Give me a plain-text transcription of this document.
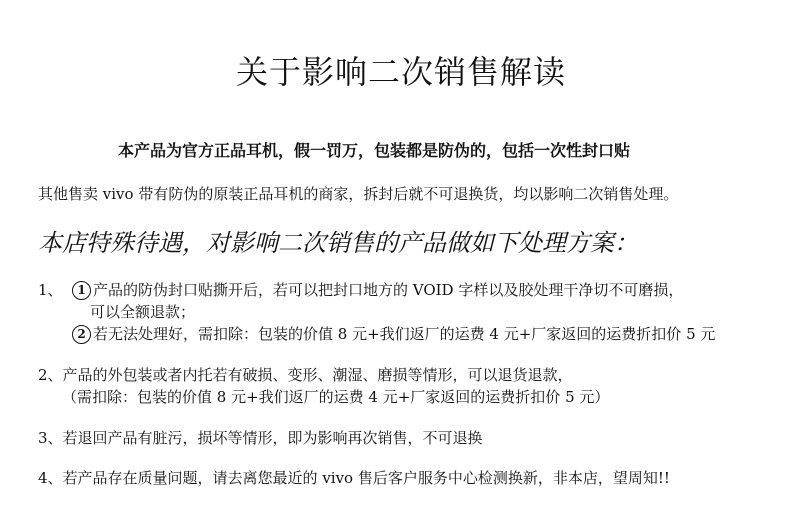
关于影响二次销售解读
本产品为官方正品耳机，假一罚万，包装都是防伪的，包括一次性封口贴
其他售卖 vivo 带有防伪的原装正品耳机的商家，拆封后就不可退换货，均以影响二次销售处理。
本店特殊待遇，对影响二次销售的产品做如下处理方案：
1、 1 产品的防伪封口贴撕开后，若可以把封口地方的 VOID 字样以及胶处理干净切不可磨损，
可以全额退款；
2 若无法处理好，需扣除：包装的价值 8 元+我们返厂的运费 4 元+厂家返回的运费折扣价 5 元
2、产品的外包装或者内托若有破损、变形、潮湿、磨损等情形，可以退货退款，
（需扣除：包装的价值 8 元+我们返厂的运费 4 元+厂家返回的运费折扣价 5 元）
3、若退回产品有脏污，损坏等情形，即为影响再次销售，不可退换
4、若产品存在质量问题，请去离您最近的 vivo 售后客户服务中心检测换新，非本店，望周知!!
